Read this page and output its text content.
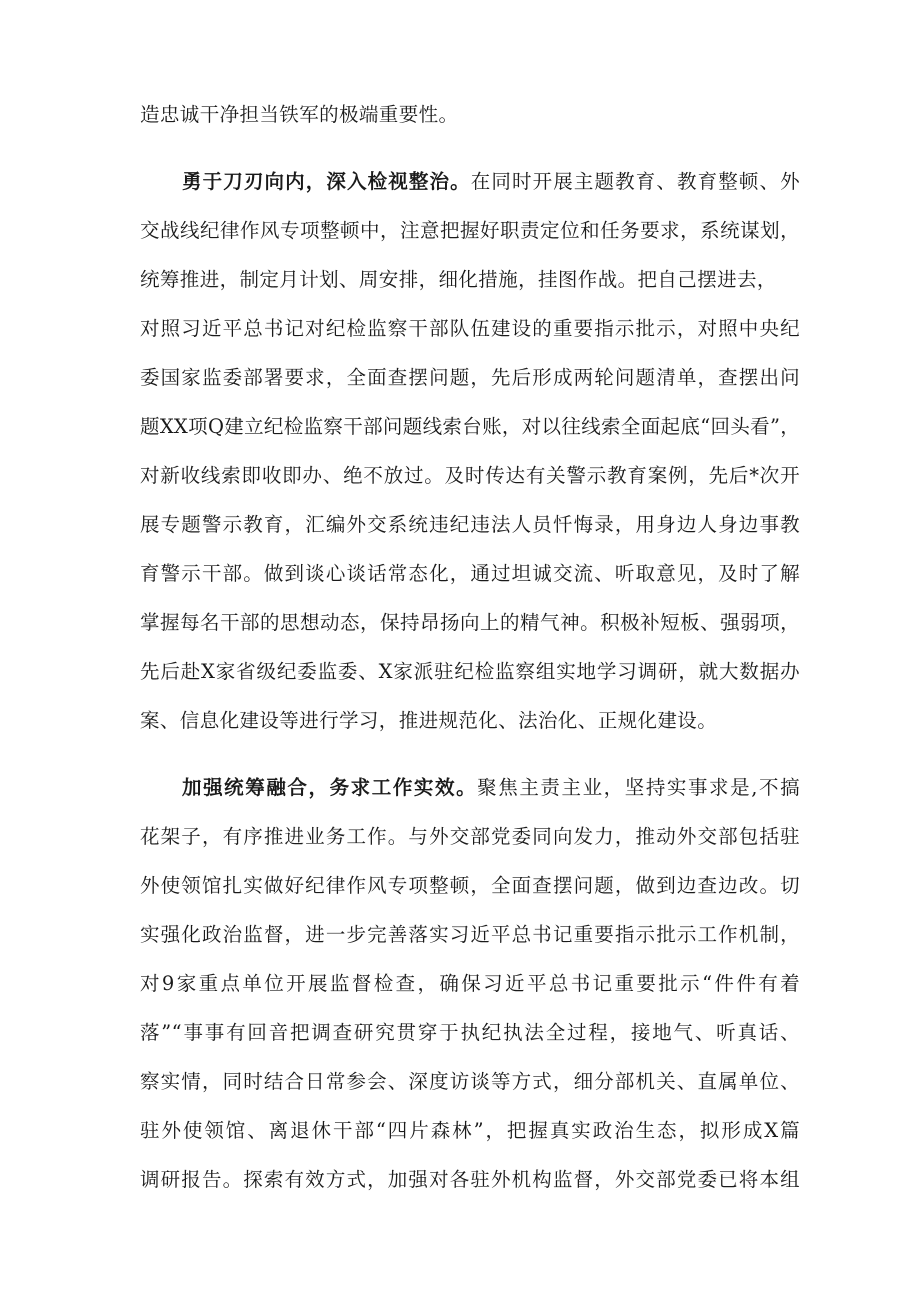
造忠诚干净担当铁军的极端重要性。
勇于刀刃向内，深入检视整治。在同时开展主题教育、教育整顿、外
交战线纪律作风专项整顿中，注意把握好职责定位和任务要求，系统谋划，
统筹推进，制定月计划、周安排，细化措施，挂图作战。把自己摆进去，
对照习近平总书记对纪检监察干部队伍建设的重要指示批示，对照中央纪
委国家监委部署要求，全面查摆问题，先后形成两轮问题清单，查摆出问
题XX项Q建立纪检监察干部问题线索台账，对以往线索全面起底“回头看”，
对新收线索即收即办、绝不放过。及时传达有关警示教育案例，先后*次开
展专题警示教育，汇编外交系统违纪违法人员忏悔录，用身边人身边事教
育警示干部。做到谈心谈话常态化，通过坦诚交流、听取意见，及时了解
掌握每名干部的思想动态，保持昂扬向上的精气神。积极补短板、强弱项，
先后赴X家省级纪委监委、X家派驻纪检监察组实地学习调研，就大数据办
案、信息化建设等进行学习，推进规范化、法治化、正规化建设。
加强统筹融合，务求工作实效。聚焦主责主业，坚持实事求是,不搞
花架子，有序推进业务工作。与外交部党委同向发力，推动外交部包括驻
外使领馆扎实做好纪律作风专项整顿，全面查摆问题，做到边查边改。切
实强化政治监督，进一步完善落实习近平总书记重要指示批示工作机制，
对9家重点单位开展监督检查，确保习近平总书记重要批示“件件有着
落”“事事有回音把调查研究贯穿于执纪执法全过程，接地气、听真话、
察实情，同时结合日常参会、深度访谈等方式，细分部机关、直属单位、
驻外使领馆、离退休干部“四片森林”，把握真实政治生态，拟形成X篇
调研报告。探索有效方式，加强对各驻外机构监督，外交部党委已将本组
